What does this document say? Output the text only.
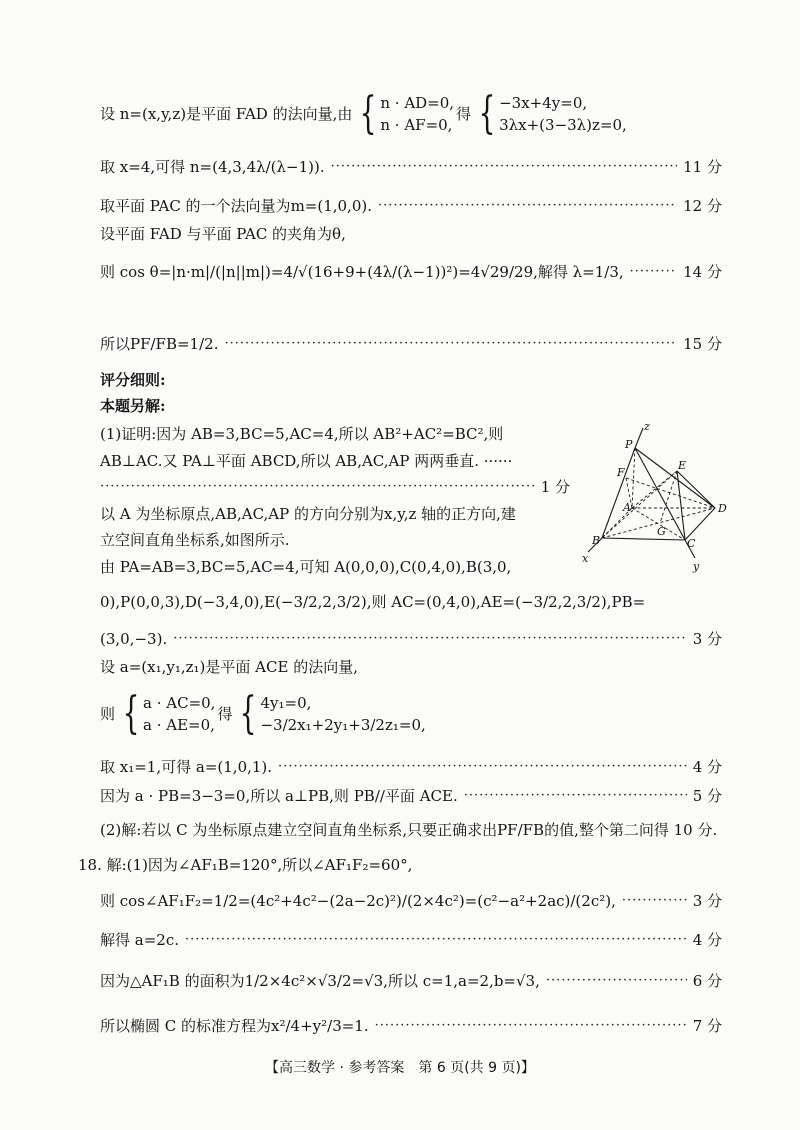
设 n=(x,y,z)是平面 FAD 的法向量,由 { n · AD=0,
n · AF=0,
得 { −3x+4y=0,
3λx+(3−3λ)z=0,
取 x=4,可得 n=(4,3,4λ/(λ−1)). ·····	11 分
取平面 PAC 的一个法向量为m=(1,0,0). ·····	12 分
设平面 FAD 与平面 PAC 的夹角为θ,
则 cos θ=|n·m|/(|n||m|)=4/√(16+9+(4λ/(λ−1))²)=4√29/29,解得 λ=1/3, ·····	14 分
所以PF/FB=1/2. ·····	15 分
评分细则:
本题另解:
(1)证明:因为 AB=3,BC=5,AC=4,所以 AB²+AC²=BC²,则
AB⊥AC.又 PA⊥平面 ABCD,所以 AB,AC,AP 两两垂直. ······
·····
1 分
以 A 为坐标原点,AB,AC,AP 的方向分别为x,y,z 轴的正方向,建
立空间直角坐标系,如图所示.
由 PA=AB=3,BC=5,AC=4,可知 A(0,0,0),C(0,4,0),B(3,0,
0),P(0,0,3),D(−3,4,0),E(−3/2,2,3/2),则 AC=(0,4,0),AE=(−3/2,2,3/2),PB=
(3,0,−3). ·····	3 分
设 a=(x₁,y₁,z₁)是平面 ACE 的法向量,
则 { a · AC=0,
a · AE=0,
得 { 4y₁=0,
−3/2x₁+2y₁+3/2z₁=0,
取 x₁=1,可得 a=(1,0,1). ·····	4 分
因为 a · PB=3−3=0,所以 a⊥PB,则 PB//平面 ACE. ·····	5 分
(2)解:若以 C 为坐标原点建立空间直角坐标系,只要正确求出PF/FB的值,整个第二问得 10 分.
18. 解:(1)因为∠AF₁B=120°,所以∠AF₁F₂=60°,
则 cos∠AF₁F₂=1/2=(4c²+4c²−(2a−2c)²)/(2×4c²)=(c²−a²+2ac)/(2c²), ·····	3 分
解得 a=2c. ·····	4 分
因为△AF₁B 的面积为1/2×4c²×√3/2=√3,所以 c=1,a=2,b=√3, ·····	6 分
所以椭圆 C 的标准方程为x²/4+y²/3=1. ·····	7 分
z
P
F
E
A	D
G
B	C
x
y
【高三数学 · 参考答案　第 6 页(共 9 页)】
